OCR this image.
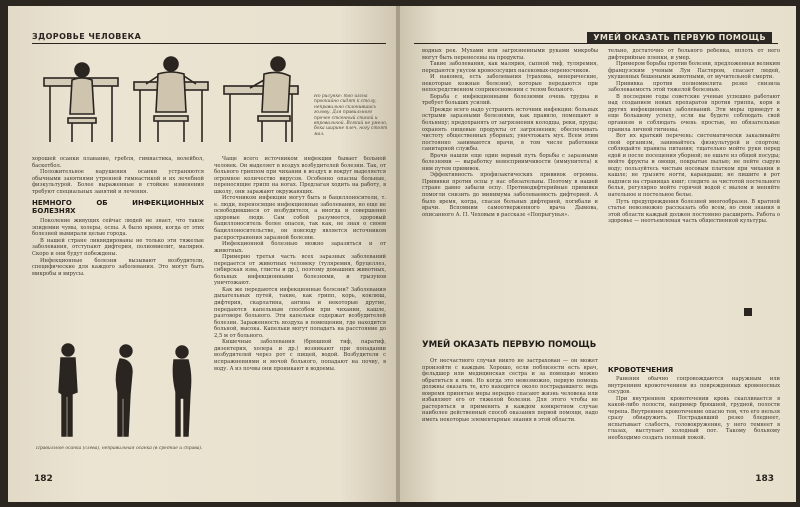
ЗДОРОВЬЕ ЧЕЛОВЕКА
Но рисунке: тоо изсна проокийно сидят к столу, неправильно склонившись голову. Для правильного прочее стсенный спиной и впровальной. Всякий не умело, бока ширине плеч, ногу стоят мал.

хорошей осанки плавание, гребля, гимнастика, волейбол, баскетбол.

Положительное нарушения осанки устраняются обычными занятиями утренней гимнастикой и их лечебной физкультурой. Более выраженные в стойкие изменения требуют специальных занятий и лечения.

НЕМНОГО ОБ ИНФЕКЦИОННЫХ БОЛЕЗНЯХ

Поколение живущих сейчас людей не знает, что такое эпидемии чумы, холеры, оспы. А было время, когда от этих болезней вымирали целые города.

В нашей стране ликвидированы не только эти тяжелые заболевания, отступают дифтерия, полиомиелит, малярия. Скоро и они будут побеждены.

Инфекционные болезни вызывают возбудители, специфические для каждого заболевания. Это могут быть микробы и вирусы.

Правильное осанка (слева), неправильная осанка (в средние и справа).

Чаще всего источником инфекции бывает больной человек. Он выделяет в воздух возбудителей болезни. Так, от больного гриппом при чихании в воздух и вокруг выделяется огромное количество вирусов. Особенно опасны больные, переносящие грипп на ногах. Предлагая ходить на работу, в школу, они заражают окружающих.

Источником инфекции могут быть и бациллоносители, т. е. люди, переносящие инфекционные заболевания, но еще не освободившиеся от возбудителя, а иногда и совершенно здоровые люди. Сам собой разумеется, здоровый бациллоноситель более опасен, так как, не зная о своем бациллоносительстве, он повсюду является источником распространения заразной болезни.

Инфекционной болезнью можно заразиться и от животных.

Примерно третья часть всех заразных заболеваний передается от животных человеку (туляремия, бруцеллез, сибирская язва, глисты и др.), поэтому домашних животных, больных инфекционными болезнями, и грызунов уничтожают.

Как же передаются инфекционные болезни? Заболевания дыхательных путей, такие, как грипп, корь, коклюш, дифтерия, скарлатина, ангина и некоторые другие, передаются капельным способом при чихании, кашле, разговоре больного. Эти капельки содержат возбудителей болезни. Зараженность воздуха в помещении, где находится больной, высока. Капельки могут попадать на расстояние до 2,5 м от больного.

Кишечные заболевания (брюшной тиф, паратиф, дизентерия, холера и др.) возникают при попадании возбудителей через рот с пищей, водой. Возбудители с испражнениями и мочой больного, попадают на почву, в воду. А из почвы они проникают в водоемы.

182
УМЕЙ ОКАЗАТЬ ПЕРВУЮ ПОМОЩЬ

водных рек. Мухами или загрязненными руками микробы могут быть перенесены на продукты.

Такие заболевания, как малярия, сыпной тиф, туляремия, передаются укусом кровососущих насекомых-переносчиков.

И наконец, есть заболевания (трахома, венерические, некоторые кожные болезни), которые передаются при непосредственном соприкосновении с телом больного.

Борьба с инфекционными болезнями очень трудна и требует больших усилий.

Прежде всего надо устранить источник инфекции: больных острыми заразными болезнями, как правило, помещают в больницу; предохранять от загрязнения колодцы, реки, пруды; охранять пищевые продукты от загрязнения; обеспечивать чистоту общественных уборных; уничтожать мух. Всем этим постоянно занимаются врачи, в том числе работники санитарной службы.

Врачи нашли еще один верный путь борьбы с заразными болезнями — выработку невосприимчивости (иммунитета) к ним путем прививок.

Эффективность профилактических прививок огромна. Прививки против оспы у нас обязательны. Поэтому в нашей стране давно забыли оспу. Противодифтерийные прививки помогли снизить до минимума заболеваемость дифтерией. А было время, когда, спасая больных дифтерией, погибали и врачи. Вспомним самоотверженного врача Дымова, описанного А. П. Чеховым в рассказе «Попрыгунья».

УМЕЙ ОКАЗАТЬ ПЕРВУЮ ПОМОЩЬ

От несчастного случая никто не застрахован — он может произойти с каждым. Хорошо, если поблизости есть врач, фельдшер или медицинская сестра и за помощью можно обратиться к ним. Но когда это невозможно, первую помощь должны оказать те, кто находится около пострадавшего: ведь вовремя принятые меры нередко спасают жизнь человека или избавляют его от тяжелой болезни. Для этого чтобы не растеряться и применить в каждом конкретном случае наиболее действенный способ оказания первой помощи, надо иметь некоторые элементарные знания в этой области.

тельно, достаточно от больного ребенка, вплоть от него дифтерийные пленки, и умер.

Примером борьбы против болезни, предложенная великим французским ученым Луи Пастером, спасает людей, укушенных бешеными животными, от мучительной смерти.

Прививка против полиомиелита резко снизила заболеваемость этой тяжелой болезнью.

В последние годы советские ученые успешно работают над созданием новых препаратов против гриппа, кори и других инфекционных заболеваний. Эти меры приведут к еще большему успеху, если вы будете соблюдать свой организм и соблюдать очень простые, но обязательные правила личной гигиены.

Вот их краткий перечень: систематически закаливайте свой организм, занимайтесь физкультурой и спортом; соблюдайте правила питания; тщательно мойте руки перед едой и после посещения уборной; не ешьте из общей посуды; мойте фрукты и овощи, покрытые пылью; не пейте сырую воду; пользуйтесь чистым носовым платком при чихании и кашле; не грызите ногти, карандаши; не пишите в рот надписи на страницах книг; следите за чистотой постельного белья, регулярно мойте горячей водой с мылом и меняйте нательное и постельное белье.

Путь предупреждения болезней многообразен. В кратной статье невозможно рассказать обо всем, но свои знания в этой области каждый должен постоянно расширять. Работа о здоровье — неотъемлемая часть общественной культуры.

КРОВОТЕЧЕНИЯ

Ранения обычно сопровождаются наружным или внутренним кровотечением из поврежденных кровеносных сосудов.

При внутреннем кровотечении кровь скапливается в какой-либо полости, например брюшной, грудной, полости черепа. Внутреннее кровотечение опасно тем, что его нельзя сразу обнаружить. Пострадавший резко бледнеет, испытывает слабость, головокружение, у него темнеет в глазах, выступает холодный пот. Такому больному необходимо создать полный покой.

183
